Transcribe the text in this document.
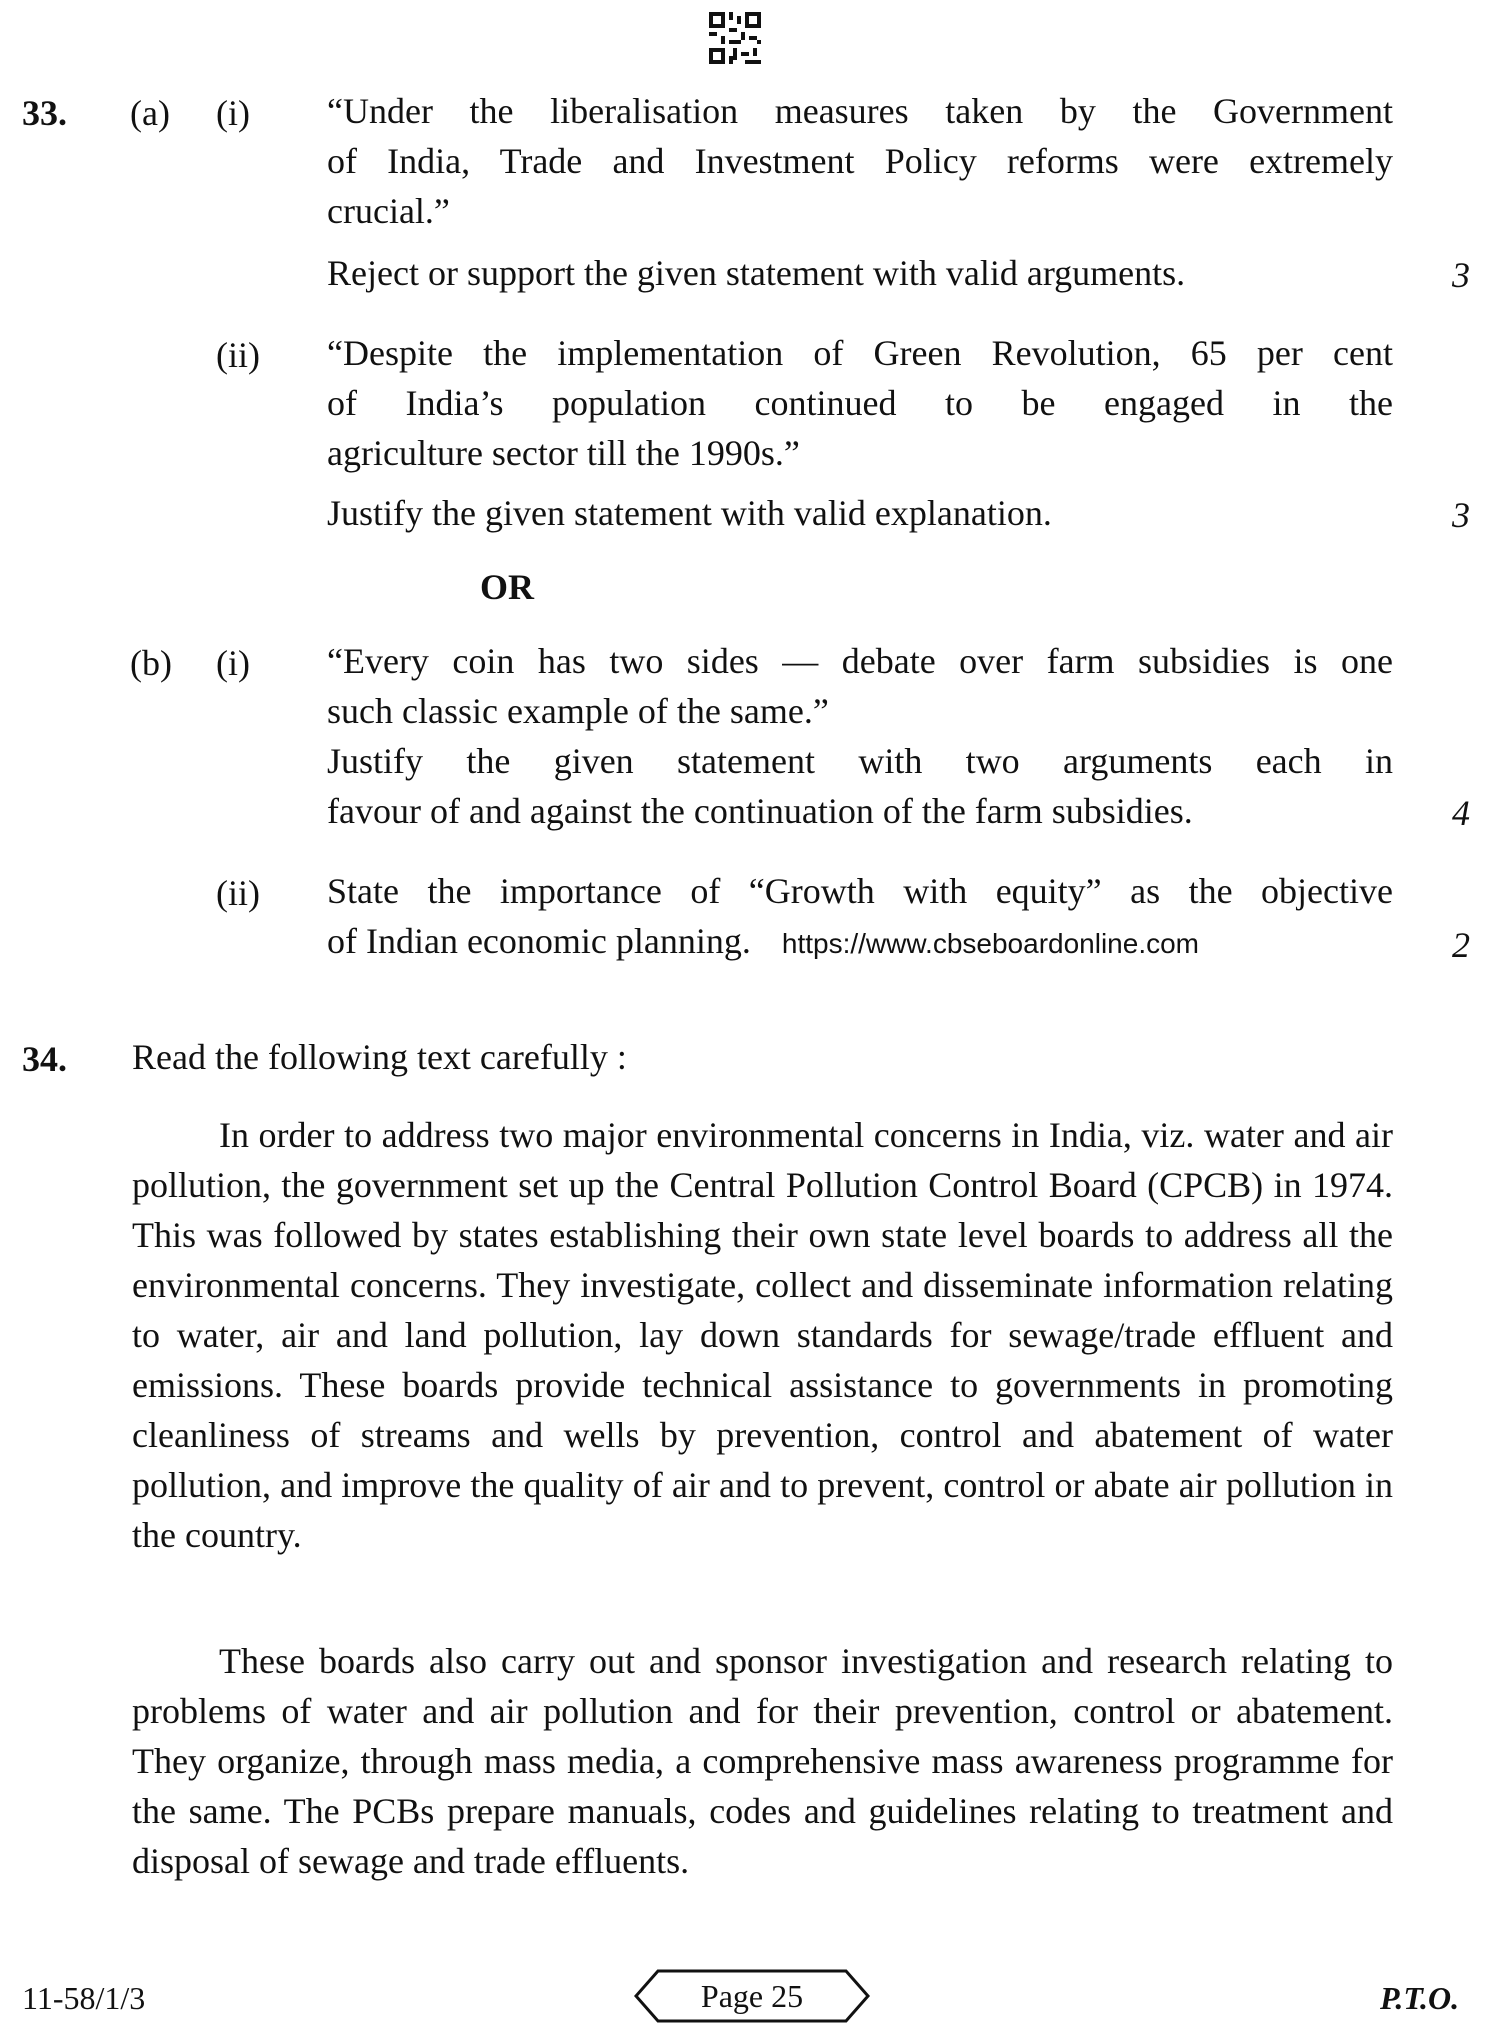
33. (a) (i) “Under the liberalisation measures taken by the Government
of India, Trade and Investment Policy reforms were extremely
crucial.”
Reject or support the given statement with valid arguments.	3
(ii) “Despite the implementation of Green Revolution, 65 per cent
of India’s population continued to be engaged in the
agriculture sector till the 1990s.”
Justify the given statement with valid explanation.	3
OR
(b) (i) “Every coin has two sides — debate over farm subsidies is one
such classic example of the same.”
Justify the given statement with two arguments each in
favour of and against the continuation of the farm subsidies.	4
(ii) State the importance of “Growth with equity” as the objective
of Indian economic planning. https://www.cbseboardonline.com	2
34. Read the following text carefully :
In order to address two major environmental concerns in India, viz. water and air pollution, the government set up the Central Pollution Control Board (CPCB) in 1974. This was followed by states establishing their own state level boards to address all the environmental concerns. They investigate, collect and disseminate information relating to water, air and land pollution, lay down standards for sewage/trade effluent and emissions. These boards provide technical assistance to governments in promoting cleanliness of streams and wells by prevention, control and abatement of water pollution, and improve the quality of air and to prevent, control or abate air pollution in the country.
These boards also carry out and sponsor investigation and research relating to problems of water and air pollution and for their prevention, control or abatement. They organize, through mass media, a comprehensive mass awareness programme for the same. The PCBs prepare manuals, codes and guidelines relating to treatment and disposal of sewage and trade effluents.
11-58/1/3	Page 25	P.T.O.
